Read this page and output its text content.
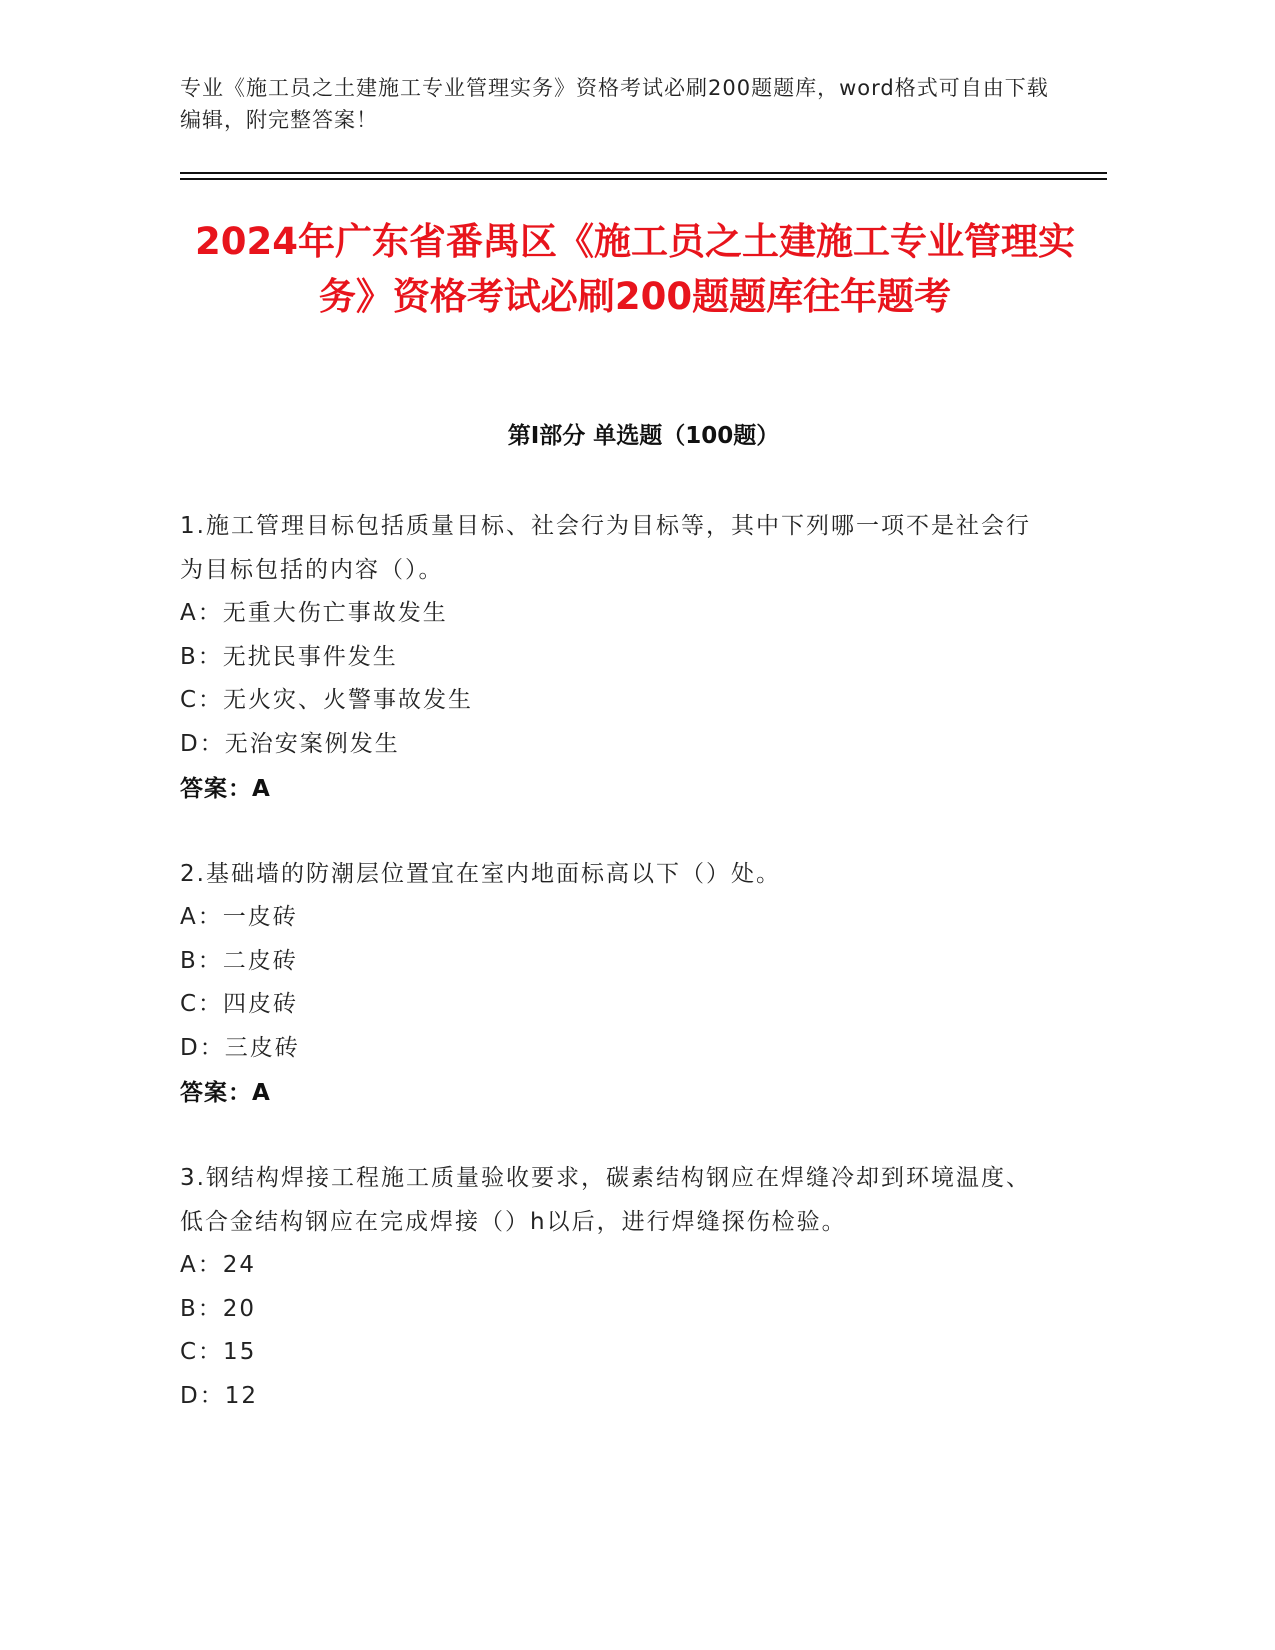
专业《施工员之土建施工专业管理实务》资格考试必刷200题题库，word格式可自由下载编辑，附完整答案！
2024年广东省番禺区《施工员之土建施工专业管理实务》资格考试必刷200题题库往年题考
第Ⅰ部分 单选题（100题）
1.施工管理目标包括质量目标、社会行为目标等，其中下列哪一项不是社会行为目标包括的内容（）。
A：无重大伤亡事故发生
B：无扰民事件发生
C：无火灾、火警事故发生
D：无治安案例发生
答案：A
2.基础墙的防潮层位置宜在室内地面标高以下（）处。
A：一皮砖
B：二皮砖
C：四皮砖
D：三皮砖
答案：A
3.钢结构焊接工程施工质量验收要求，碳素结构钢应在焊缝冷却到环境温度、低合金结构钢应在完成焊接（）h以后，进行焊缝探伤检验。
A：24
B：20
C：15
D：12
